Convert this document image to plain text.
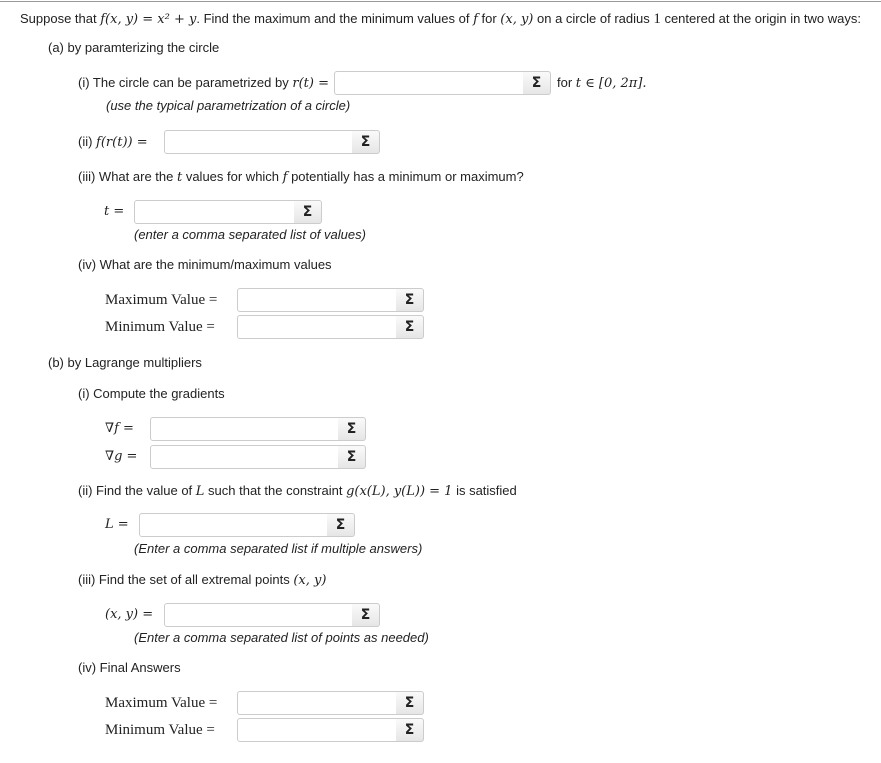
Suppose that f(x, y) = x² + y. Find the maximum and the minimum values of f for (x, y) on a circle of radius 1 centered at the origin in two ways:
(a) by paramterizing the circle
(i) The circle can be parametrized by r(t) =	Σ	for t ∈ [0, 2π].
(use the typical parametrization of a circle)
(ii) f(r(t)) =	Σ
(iii) What are the t values for which f potentially has a minimum or maximum?
t =	Σ
(enter a comma separated list of values)
(iv) What are the minimum/maximum values
Maximum Value =	Σ
Minimum Value =	Σ
(b) by Lagrange multipliers
(i) Compute the gradients
∇f =	Σ
∇g =	Σ
(ii) Find the value of L such that the constraint g(x(L), y(L)) = 1 is satisfied
L =	Σ
(Enter a comma separated list if multiple answers)
(iii) Find the set of all extremal points (x, y)
(x, y) =	Σ
(Enter a comma separated list of points as needed)
(iv) Final Answers
Maximum Value =	Σ
Minimum Value =	Σ
